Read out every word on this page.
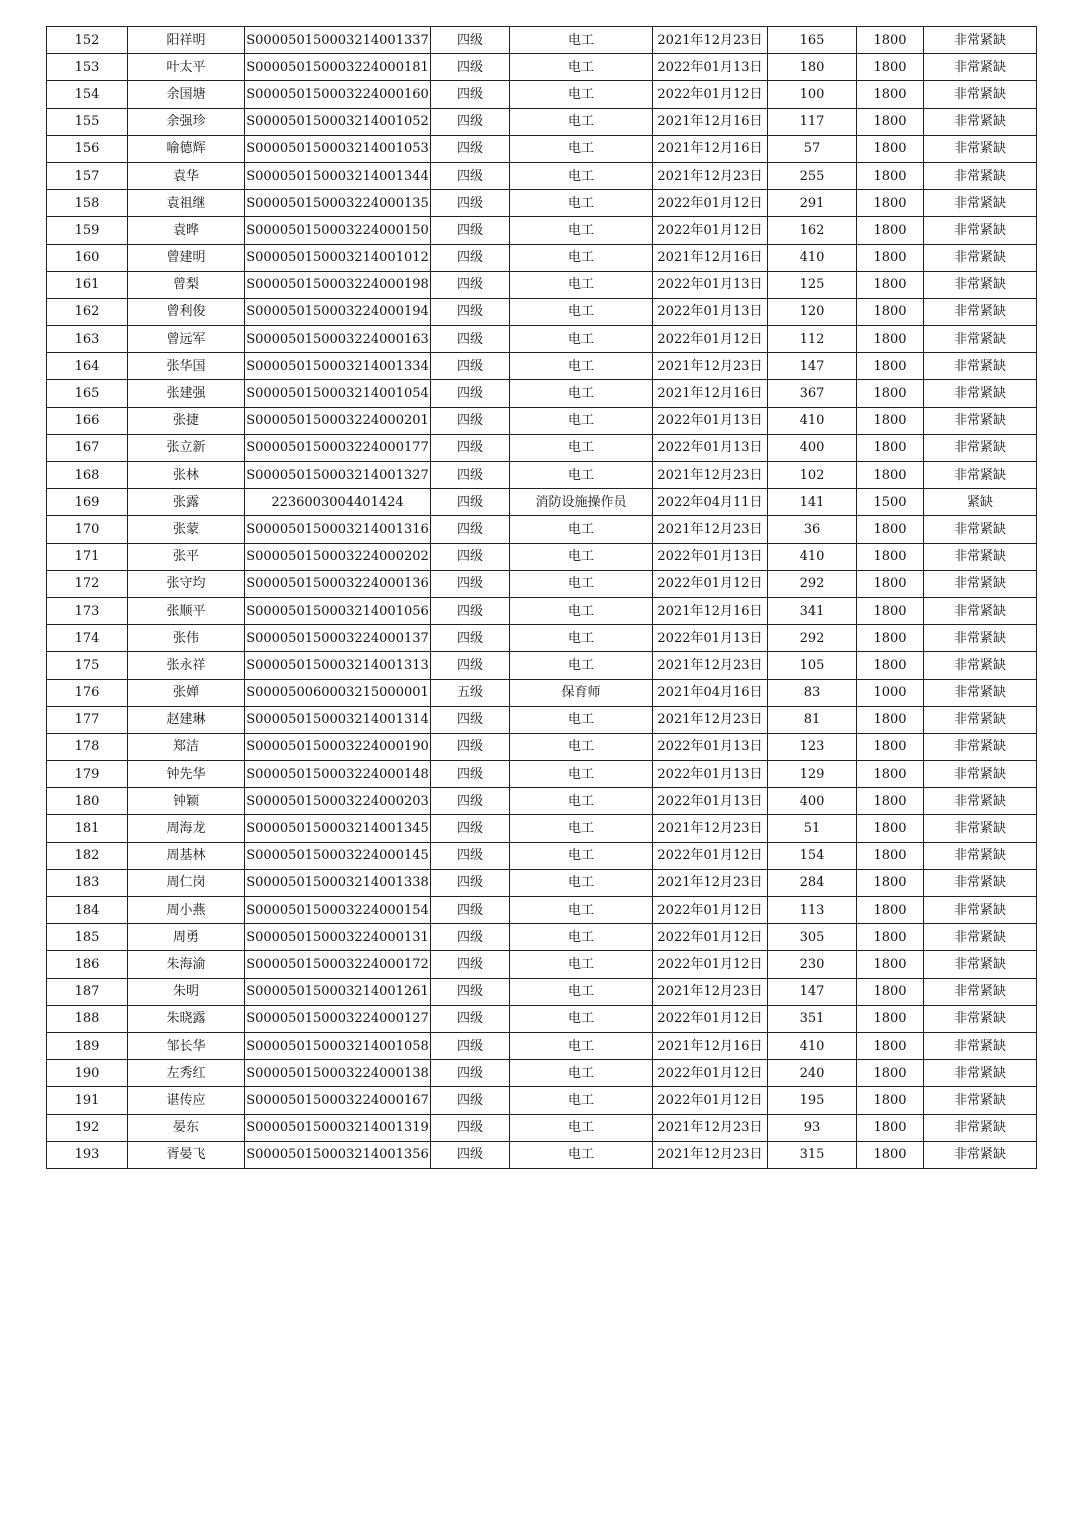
152	阳祥明	S000050150003214001337	四级	电工	2021年12月23日	165	1800	非常紧缺
153	叶太平	S000050150003224000181	四级	电工	2022年01月13日	180	1800	非常紧缺
154	余国塘	S000050150003224000160	四级	电工	2022年01月12日	100	1800	非常紧缺
155	余强珍	S000050150003214001052	四级	电工	2021年12月16日	117	1800	非常紧缺
156	喻德辉	S000050150003214001053	四级	电工	2021年12月16日	57	1800	非常紧缺
157	袁华	S000050150003214001344	四级	电工	2021年12月23日	255	1800	非常紧缺
158	袁祖继	S000050150003224000135	四级	电工	2022年01月12日	291	1800	非常紧缺
159	袁晔	S000050150003224000150	四级	电工	2022年01月12日	162	1800	非常紧缺
160	曾建明	S000050150003214001012	四级	电工	2021年12月16日	410	1800	非常紧缺
161	曾梨	S000050150003224000198	四级	电工	2022年01月13日	125	1800	非常紧缺
162	曾利俊	S000050150003224000194	四级	电工	2022年01月13日	120	1800	非常紧缺
163	曾远军	S000050150003224000163	四级	电工	2022年01月12日	112	1800	非常紧缺
164	张华国	S000050150003214001334	四级	电工	2021年12月23日	147	1800	非常紧缺
165	张建强	S000050150003214001054	四级	电工	2021年12月16日	367	1800	非常紧缺
166	张捷	S000050150003224000201	四级	电工	2022年01月13日	410	1800	非常紧缺
167	张立新	S000050150003224000177	四级	电工	2022年01月13日	400	1800	非常紧缺
168	张林	S000050150003214001327	四级	电工	2021年12月23日	102	1800	非常紧缺
169	张露	2236003004401424	四级	消防设施操作员	2022年04月11日	141	1500	紧缺
170	张蒙	S000050150003214001316	四级	电工	2021年12月23日	36	1800	非常紧缺
171	张平	S000050150003224000202	四级	电工	2022年01月13日	410	1800	非常紧缺
172	张守均	S000050150003224000136	四级	电工	2022年01月12日	292	1800	非常紧缺
173	张顺平	S000050150003214001056	四级	电工	2021年12月16日	341	1800	非常紧缺
174	张伟	S000050150003224000137	四级	电工	2022年01月13日	292	1800	非常紧缺
175	张永祥	S000050150003214001313	四级	电工	2021年12月23日	105	1800	非常紧缺
176	张婵	S000050060003215000001	五级	保育师	2021年04月16日	83	1000	非常紧缺
177	赵建琳	S000050150003214001314	四级	电工	2021年12月23日	81	1800	非常紧缺
178	郑洁	S000050150003224000190	四级	电工	2022年01月13日	123	1800	非常紧缺
179	钟先华	S000050150003224000148	四级	电工	2022年01月13日	129	1800	非常紧缺
180	钟颖	S000050150003224000203	四级	电工	2022年01月13日	400	1800	非常紧缺
181	周海龙	S000050150003214001345	四级	电工	2021年12月23日	51	1800	非常紧缺
182	周基林	S000050150003224000145	四级	电工	2022年01月12日	154	1800	非常紧缺
183	周仁岗	S000050150003214001338	四级	电工	2021年12月23日	284	1800	非常紧缺
184	周小燕	S000050150003224000154	四级	电工	2022年01月12日	113	1800	非常紧缺
185	周勇	S000050150003224000131	四级	电工	2022年01月12日	305	1800	非常紧缺
186	朱海渝	S000050150003224000172	四级	电工	2022年01月12日	230	1800	非常紧缺
187	朱明	S000050150003214001261	四级	电工	2021年12月23日	147	1800	非常紧缺
188	朱晓露	S000050150003224000127	四级	电工	2022年01月12日	351	1800	非常紧缺
189	邹长华	S000050150003214001058	四级	电工	2021年12月16日	410	1800	非常紧缺
190	左秀红	S000050150003224000138	四级	电工	2022年01月12日	240	1800	非常紧缺
191	谌传应	S000050150003224000167	四级	电工	2022年01月12日	195	1800	非常紧缺
192	晏东	S000050150003214001319	四级	电工	2021年12月23日	93	1800	非常紧缺
193	胥晏飞	S000050150003214001356	四级	电工	2021年12月23日	315	1800	非常紧缺
